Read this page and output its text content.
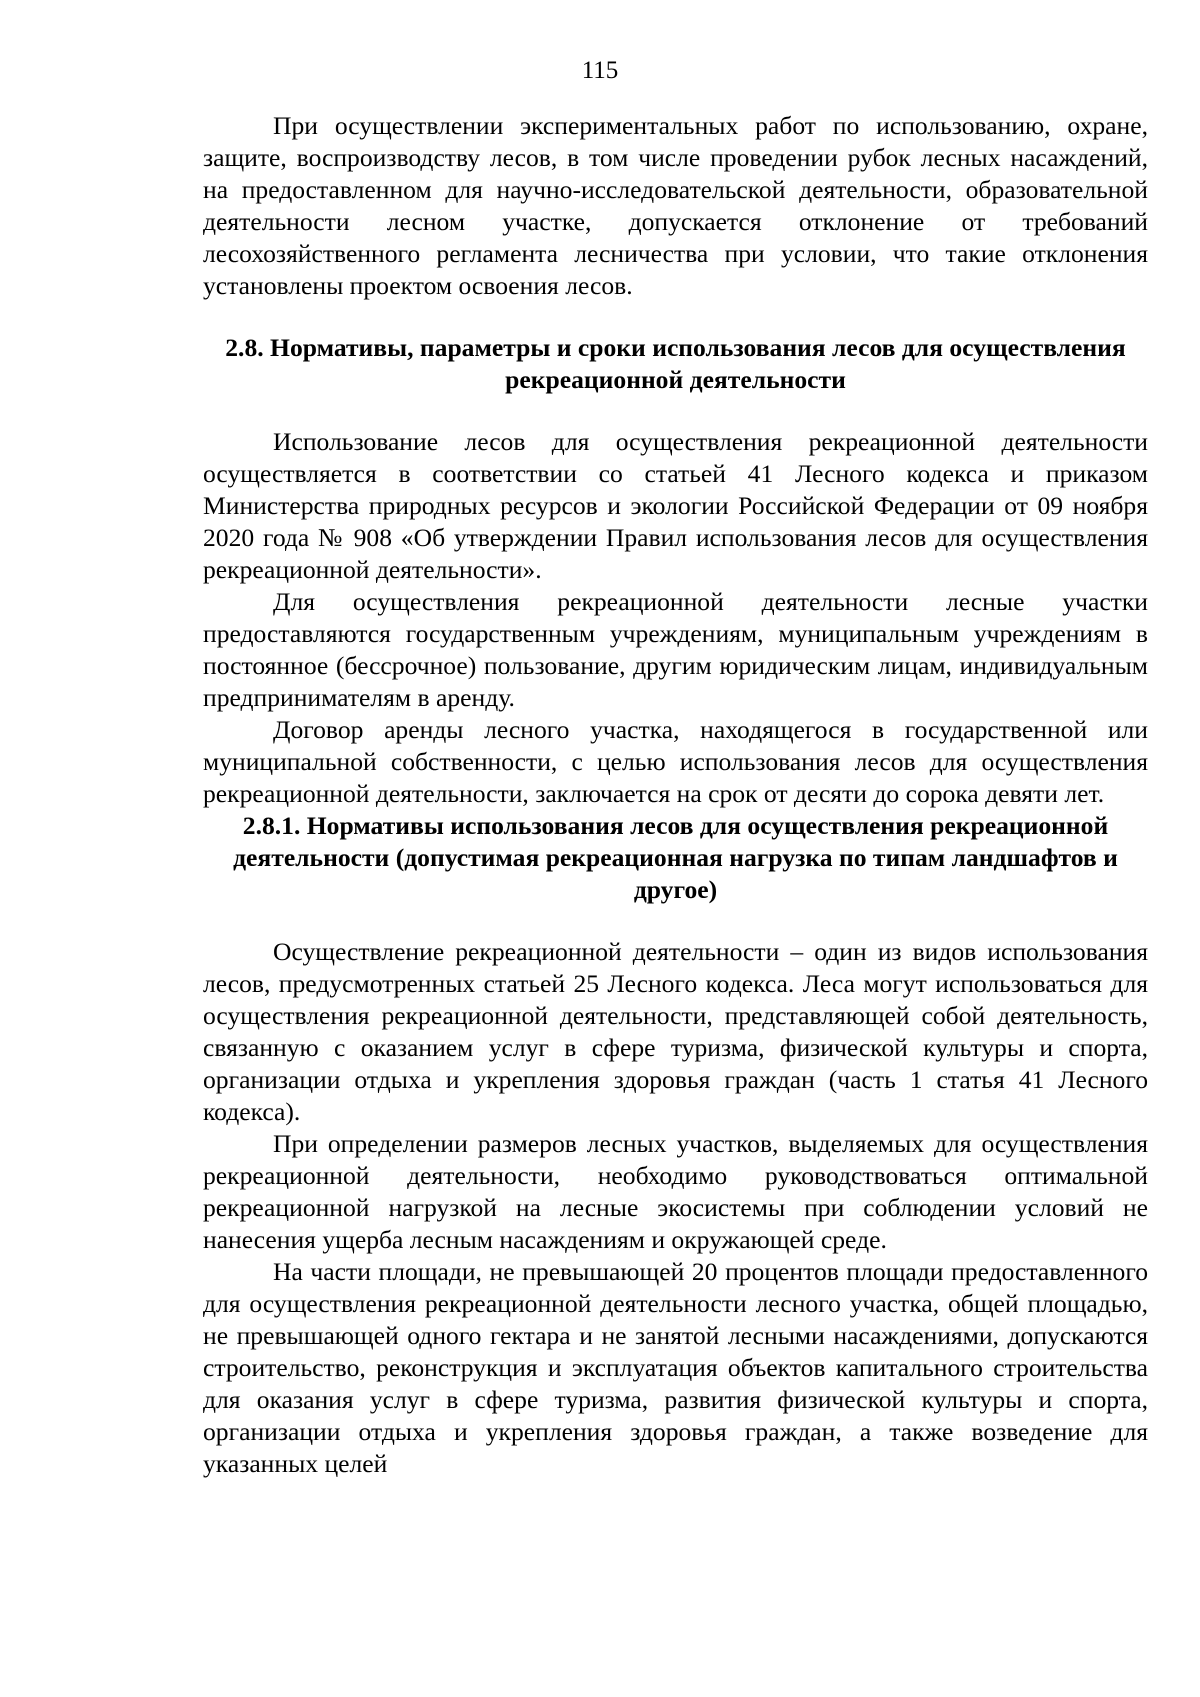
115

При осуществлении экспериментальных работ по использованию, охране, защите, воспроизводству лесов, в том числе проведении рубок лесных насаждений, на предоставленном для научно-исследовательской деятельности, образовательной деятельности лесном участке, допускается отклонение от требований лесохозяйственного регламента лесничества при условии, что такие отклонения установлены проектом освоения лесов.

2.8. Нормативы, параметры и сроки использования лесов для осуществления рекреационной деятельности

Использование лесов для осуществления рекреационной деятельности осуществляется в соответствии со статьей 41 Лесного кодекса и приказом Министерства природных ресурсов и экологии Российской Федерации от 09 ноября 2020 года № 908 «Об утверждении Правил использования лесов для осуществления рекреационной деятельности».

Для осуществления рекреационной деятельности лесные участки предоставляются государственным учреждениям, муниципальным учреждениям в постоянное (бессрочное) пользование, другим юридическим лицам, индивидуальным предпринимателям в аренду.

Договор аренды лесного участка, находящегося в государственной или муниципальной собственности, с целью использования лесов для осуществления рекреационной деятельности, заключается на срок от десяти до сорока девяти лет.

2.8.1. Нормативы использования лесов для осуществления рекреационной деятельности (допустимая рекреационная нагрузка по типам ландшафтов и другое)

Осуществление рекреационной деятельности – один из видов использования лесов, предусмотренных статьей 25 Лесного кодекса. Леса могут использоваться для осуществления рекреационной деятельности, представляющей собой деятельность, связанную с оказанием услуг в сфере туризма, физической культуры и спорта, организации отдыха и укрепления здоровья граждан (часть 1 статья 41 Лесного кодекса).

При определении размеров лесных участков, выделяемых для осуществления рекреационной деятельности, необходимо руководствоваться оптимальной рекреационной нагрузкой на лесные экосистемы при соблюдении условий не нанесения ущерба лесным насаждениям и окружающей среде.

На части площади, не превышающей 20 процентов площади предоставленного для осуществления рекреационной деятельности лесного участка, общей площадью, не превышающей одного гектара и не занятой лесными насаждениями, допускаются строительство, реконструкция и эксплуатация объектов капитального строительства для оказания услуг в сфере туризма, развития физической культуры и спорта, организации отдыха и укрепления здоровья граждан, а также возведение для указанных целей
